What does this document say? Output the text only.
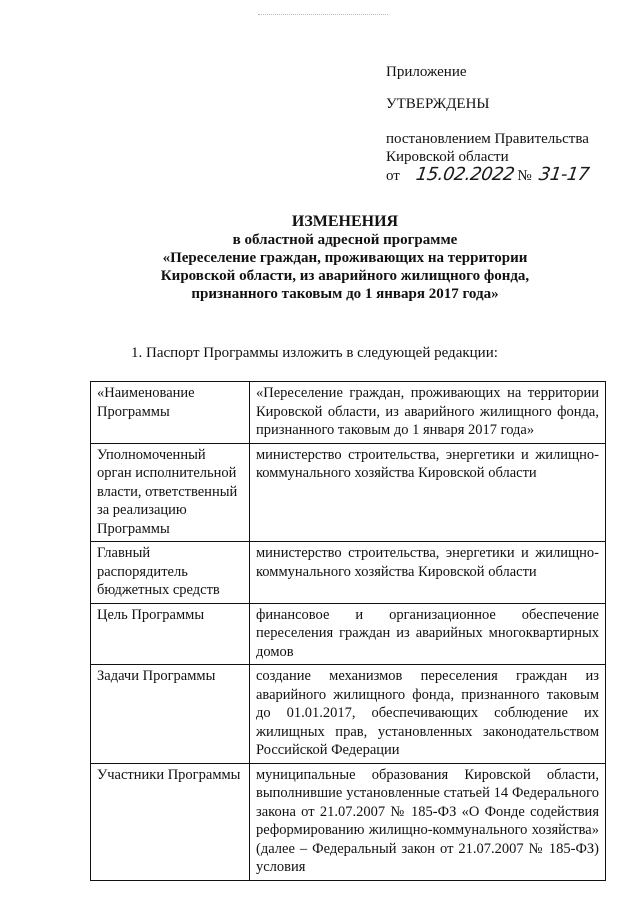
Приложение
УТВЕРЖДЕНЫ
постановлением Правительства
Кировской области
от 15.02.2022 № 31-17
ИЗМЕНЕНИЯ
в областной адресной программе
«Переселение граждан, проживающих на территории
Кировской области, из аварийного жилищного фонда,
признанного таковым до 1 января 2017 года»
1. Паспорт Программы изложить в следующей редакции:
«Наименование Программы	«Переселение граждан, проживающих на территории Кировской области, из аварийного жилищного фонда, признанного таковым до 1 января 2017 года»
Уполномоченный орган исполнительной власти, ответственный за реализацию Программы	министерство строительства, энергетики и жилищно-коммунального хозяйства Кировской области
Главный распорядитель бюджетных средств	министерство строительства, энергетики и жилищно-коммунального хозяйства Кировской области
Цель Программы	финансовое и организационное обеспечение переселения граждан из аварийных многоквартирных домов
Задачи Программы	создание механизмов переселения граждан из аварийного жилищного фонда, признанного таковым до 01.01.2017, обеспечивающих соблюдение их жилищных прав, установленных законодательством Российской Федерации
Участники Программы	муниципальные образования Кировской области, выполнившие установленные статьей 14 Федерального закона от 21.07.2007 № 185-ФЗ «О Фонде содействия реформированию жилищно-коммунального хозяйства» (далее – Федеральный закон от 21.07.2007 № 185-ФЗ) условия
